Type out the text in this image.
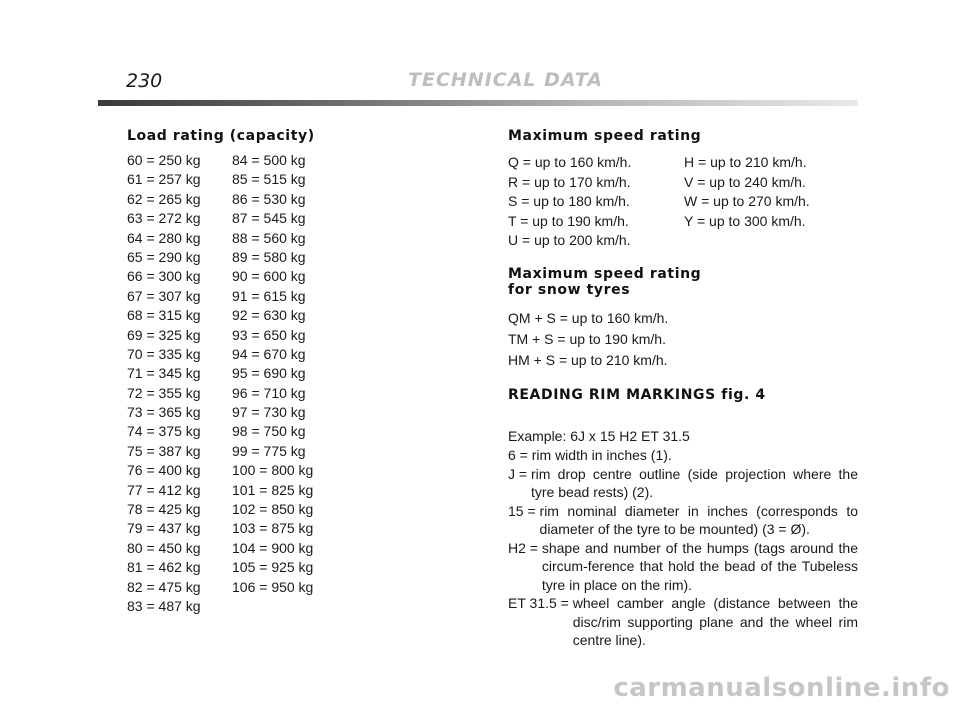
230	TECHNICAL DATA
Load rating (capacity)
60 = 250 kg
61 = 257 kg
62 = 265 kg
63 = 272 kg
64 = 280 kg
65 = 290 kg
66 = 300 kg
67 = 307 kg
68 = 315 kg
69 = 325 kg
70 = 335 kg
71 = 345 kg
72 = 355 kg
73 = 365 kg
74 = 375 kg
75 = 387 kg
76 = 400 kg
77 = 412 kg
78 = 425 kg
79 = 437 kg
80 = 450 kg
81 = 462 kg
82 = 475 kg
83 = 487 kg
84 = 500 kg
85 = 515 kg
86 = 530 kg
87 = 545 kg
88 = 560 kg
89 = 580 kg
90 = 600 kg
91 = 615 kg
92 = 630 kg
93 = 650 kg
94 = 670 kg
95 = 690 kg
96 = 710 kg
97 = 730 kg
98 = 750 kg
99 = 775 kg
100 = 800 kg
101 = 825 kg
102 = 850 kg
103 = 875 kg
104 = 900 kg
105 = 925 kg
106 = 950 kg
Maximum speed rating
Q = up to 160 km/h.
R = up to 170 km/h.
S = up to 180 km/h.
T = up to 190 km/h.
U = up to 200 km/h.
H = up to 210 km/h.
V = up to 240 km/h.
W = up to 270 km/h.
Y = up to 300 km/h.
Maximum speed rating
for snow tyres
QM + S = up to 160 km/h.
TM + S = up to 190 km/h.
HM + S = up to 210 km/h.
READING RIM MARKINGS fig. 4
Example: 6J x 15 H2 ET 31.5
6 = rim width in inches (1).
J = rim drop centre outline (side projection where the tyre bead rests) (2).
15 = rim nominal diameter in inches (corresponds to diameter of the tyre to be mounted) (3 = Ø).
H2 = shape and number of the humps (tags around the circum-ference that hold the bead of the Tubeless tyre in place on the rim).
ET 31.5 = wheel camber angle (distance between the disc/rim supporting plane and the wheel rim centre line).
carmanualsonline.info
